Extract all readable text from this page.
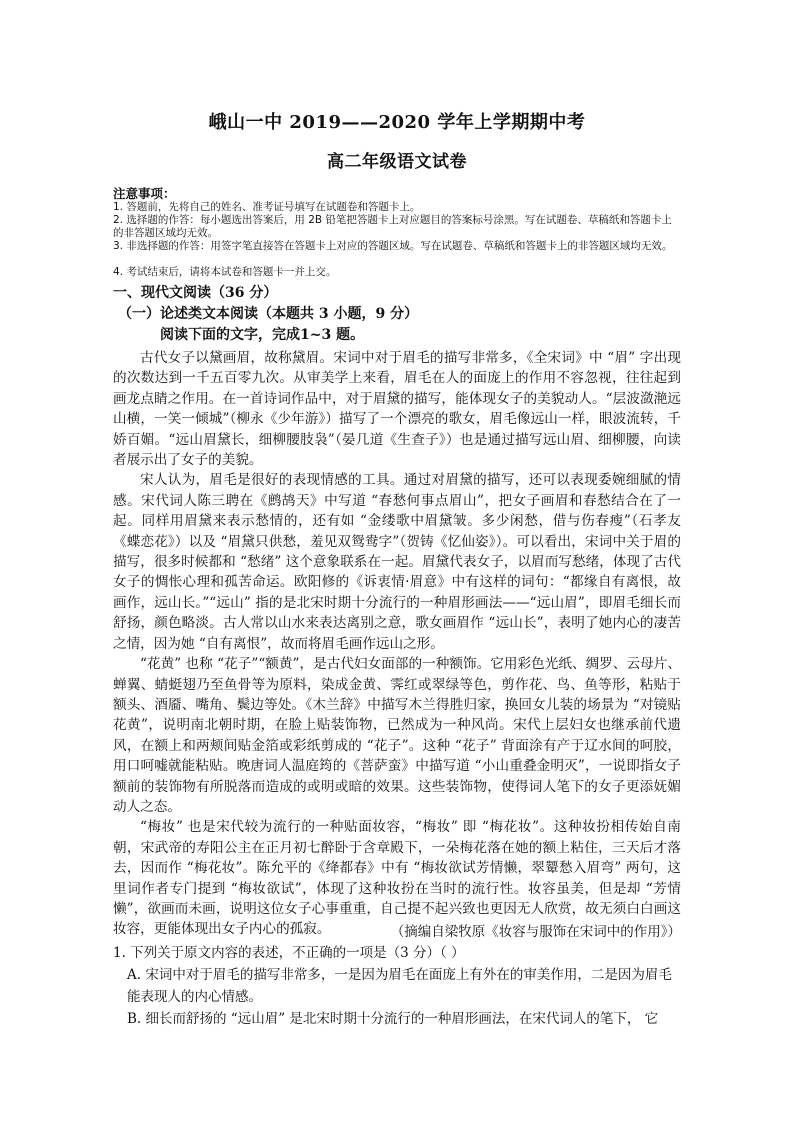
峨山一中 2019——2020 学年上学期期中考
高二年级语文试卷
注意事项：
1. 答题前，先将自己的姓名、准考证号填写在试题卷和答题卡上。
2. 选择题的作答：每小题选出答案后，用 2B 铅笔把答题卡上对应题目的答案标号涂黑。写在试题卷、草稿纸和答题卡上的非答题区域均无效。
3. 非选择题的作答：用签字笔直接答在答题卡上对应的答题区域。写在试题卷、草稿纸和答题卡上的非答题区域均无效。
4. 考试结束后，请将本试卷和答题卡一并上交。
一、现代文阅读（36 分）
（一）论述类文本阅读（本题共 3 小题，9 分）
阅读下面的文字，完成1~3 题。

古代女子以黛画眉，故称黛眉。宋词中对于眉毛的描写非常多，《全宋词》中 “眉” 字出现的次数达到一千五百零九次。从审美学上来看，眉毛在人的面庞上的作用不容忽视，往往起到画龙点睛之作用。在一首诗词作品中，对于眉黛的描写，能体现女子的美貌动人。“层波潋滟远山横，一笑一倾城”（柳永《少年游》）描写了一个漂亮的歌女，眉毛像远山一样，眼波流转，千娇百媚。“远山眉黛长，细柳腰肢袅”（晏几道《生查子》）也是通过描写远山眉、细柳腰，向读者展示出了女子的美貌。

宋人认为，眉毛是很好的表现情感的工具。通过对眉黛的描写，还可以表现委婉细腻的情感。宋代词人陈三聘在《鹧鸪天》中写道 “春愁何事点眉山”，把女子画眉和春愁结合在了一起。同样用眉黛来表示愁情的，还有如 “金缕歌中眉黛皱。多少闲愁，借与伤春瘦”（石孝友《蝶恋花》）以及 “眉黛只供愁，羞见双鸳鸯字”（贺铸《忆仙姿》）。可以看出，宋词中关于眉的描写，很多时候都和 “愁绪” 这个意象联系在一起。眉黛代表女子，以眉而写愁绪，体现了古代女子的惆怅心理和孤苦命运。欧阳修的《诉衷情·眉意》中有这样的词句：“都缘自有离恨，故画作，远山长。”“远山” 指的是北宋时期十分流行的一种眉形画法——“远山眉”，即眉毛细长而舒扬，颜色略淡。古人常以山水来表达离别之意，歌女画眉作 “远山长”，表明了她内心的凄苦之情，因为她 “自有离恨”，故而将眉毛画作远山之形。

“花黄” 也称 “花子”“额黄”，是古代妇女面部的一种额饰。它用彩色光纸、绸罗、云母片、蝉翼、蜻蜓翅乃至鱼骨等为原料，染成金黄、霁红或翠绿等色，剪作花、鸟、鱼等形，粘贴于额头、酒靥、嘴角、鬓边等处。《木兰辞》中描写木兰得胜归家，换回女儿装的场景为 “对镜贴花黄”，说明南北朝时期，在脸上贴装饰物，已然成为一种风尚。宋代上层妇女也继承前代遗风，在额上和两颊间贴金箔或彩纸剪成的 “花子”。这种 “花子” 背面涂有产于辽水间的呵胶，用口呵嘘就能粘贴。晚唐词人温庭筠的《菩萨蛮》中描写道 “小山重叠金明灭”，一说即指女子额前的装饰物有所脱落而造成的或明或暗的效果。这些装饰物，使得词人笔下的女子更添妩媚动人之态。

“梅妆” 也是宋代较为流行的一种贴面妆容，“梅妆” 即 “梅花妆”。这种妆扮相传始自南朝，宋武帝的寿阳公主在正月初七醉卧于含章殿下，一朵梅花落在她的额上粘住，三天后才落去，因而作 “梅花妆”。陈允平的《绛都春》中有 “梅妆欲试芳情懒，翠颦愁入眉弯” 两句，这里词作者专门提到 “梅妆欲试”，体现了这种妆扮在当时的流行性。妆容虽美，但是却 “芳情懒”，欲画而未画，说明这位女子心事重重，自己提不起兴致也更因无人欣赏，故无须白白画这妆容，更能体现出女子内心的孤寂。	（摘编自梁牧原《妆容与服饰在宋词中的作用》）
1. 下列关于原文内容的表述，不正确的一项是（3 分）（ ）
A. 宋词中对于眉毛的描写非常多，一是因为眉毛在面庞上有外在的审美作用，二是因为眉毛能表现人的内心情感。
B. 细长而舒扬的 “远山眉” 是北宋时期十分流行的一种眉形画法，在宋代词人的笔下， 它
